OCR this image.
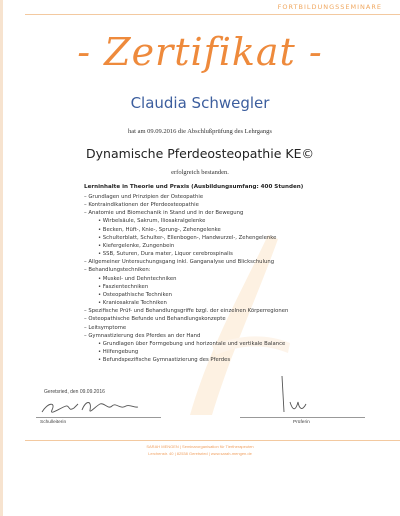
FORTBILDUNGSSEMINARE
- Zertifikat -
Claudia Schwegler
hat am 09.09.2016 die Abschlußprüfung des Lehrgangs
Dynamische Pferdeosteopathie KE©
erfolgreich bestanden.
Lerninhalte in Theorie und Praxis (Ausbildungsumfang: 400 Stunden)
– Grundlagen und Prinzipien der Osteopathie
– Kontraindikationen der Pferdeosteopathie
– Anatomie und Biomechanik in Stand und in der Bewegung
• Wirbelsäule, Sakrum, Iliosakralgelenke
• Becken, Hüft-, Knie-, Sprung-, Zehengelenke
• Schulterblatt, Schulter-, Ellenbogen-, Handwurzel-, Zehengelenke
• Kiefergelenke, Zungenbein
• SSB, Suturen, Dura mater, Liquor cerebrospinalis
– Allgemeiner Untersuchungsgang inkl. Ganganalyse und Blickschulung
– Behandlungstechniken:
• Muskel- und Dehntechniken
• Faszientechniken
• Osteopathische Techniken
• Kraniosakrale Techniken
– Spezifische Prüf- und Behandlungsgriffe bzgl. der einzelnen Körperregionen
– Osteopathische Befunde und Behandlungskonzepte
– Leitsymptome
– Gymnastizierung des Pferdes an der Hand
• Grundlagen über Formgebung und horizontale und vertikale Balance
• Hilfengebung
• Befundspezifische Gymnastizierung des Pferdes
Geretsried, den 09.09.2016
Schulleiterin	Prüferin
SARAH MENGEN | Seminarorganisation für Tiertherapeuten
Lerchenstr. 40 | 82538 Geretsried | www.sarah-mengen.de
